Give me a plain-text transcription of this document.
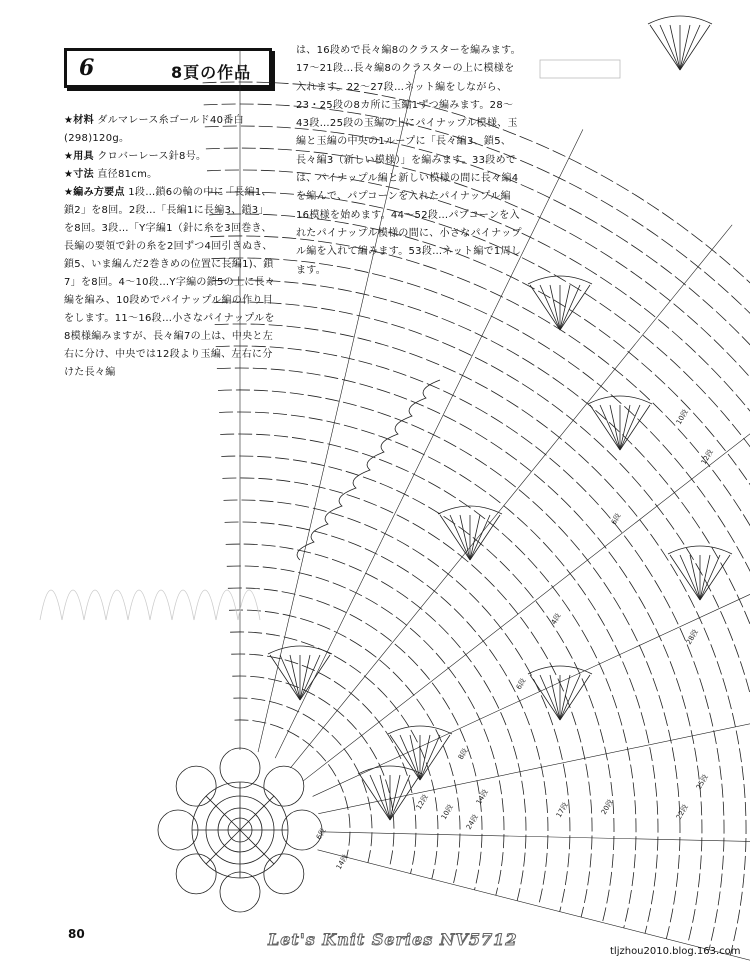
6	8頁の作品

★材料 ダルマレース糸ゴールド40番白(298)120g。

★用具 クロバーレース針8号。

★寸法 直径81cm。

★編み方要点 1段…鎖6の輪の中に「長編1、鎖2」を8回。2段…「長編1に長編3、鎖3」を8回。3段…「Y字編1（針に糸を3回巻き、長編の要領で針の糸を2回ずつ4回引きぬき、鎖5、いま編んだ2巻きめの位置に長編1)、鎖7」を8回。4〜10段…Y字編の鎖5の上に長々編を編み、10段めでパイナップル編の作り目をします。11〜16段…小さなパイナップルを8模様編みますが、長々編7の上は、中央と左右に分け、中央では12段より玉編、左右に分けた長々編

は、16段めで長々編8のクラスターを編みます。17〜21段…長々編8のクラスターの上に模様を入れます。22〜27段…ネット編をしながら、23・25段の8カ所に玉編1ずつ編みます。28〜43段…25段の玉編の上にパイナップル模様、玉編と玉編の中央の1ループに「長々編3、鎖5、長々編3（新しい模様）」を編みます。33段めでは、パイナップル編と新しい模様の間に長々編4を編んで、パプコーンを入れたパイナップル編16模様を始めます。44〜52段…パプコーンを入れたパイナップル模様の間に、小さなパイナップル編を入れて編みます。53段…ネット編で1周します。

12段
10段
6段
4段
6段
8段
10段
14段
17段	20段	22段
25段
28段
6段
14段
24段
12段
80	Let's Knit Series NV5712
tljzhou2010.blog.163.com
